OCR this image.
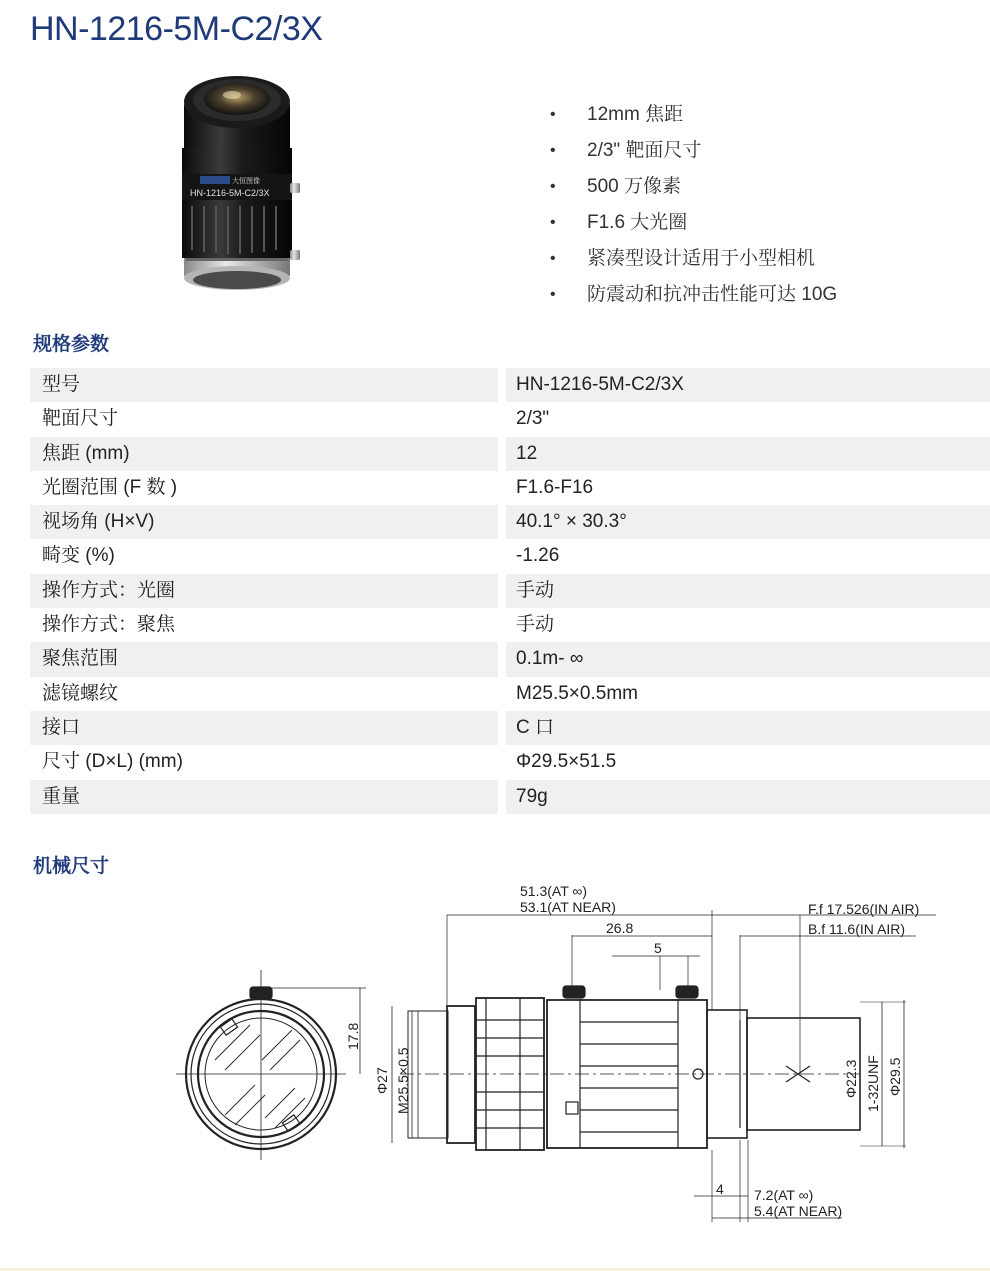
HN-1216-5M-C2/3X
大恒图像
HN-1216-5M-C2/3X
• 12mm 焦距
• 2/3" 靶面尺寸
• 500 万像素
• F1.6 大光圈
• 紧凑型设计适用于小型相机
• 防震动和抗冲击性能可达 10G
规格参数
型号	HN-1216-5M-C2/3X
靶面尺寸	2/3"
焦距 (mm)	12
光圈范围 (F 数 )	F1.6-F16
视场角 (H×V)	40.1° × 30.3°
畸变 (%)	-1.26
操作方式：光圈	手动
操作方式：聚焦	手动
聚焦范围	0.1m- ∞
滤镜螺纹	M25.5×0.5mm
接口	C 口
尺寸 (D×L) (mm)	Φ29.5×51.5
重量	79g
机械尺寸
51.3(AT ∞)
53.1(AT NEAR)
26.8
5
F.f 17.526(IN AIR)
B.f 11.6(IN AIR)
17.8
Φ27 M25.5×0.5	Φ22.3 1-32UNF Φ29.5
4 7.2(AT ∞)
5.4(AT NEAR)
